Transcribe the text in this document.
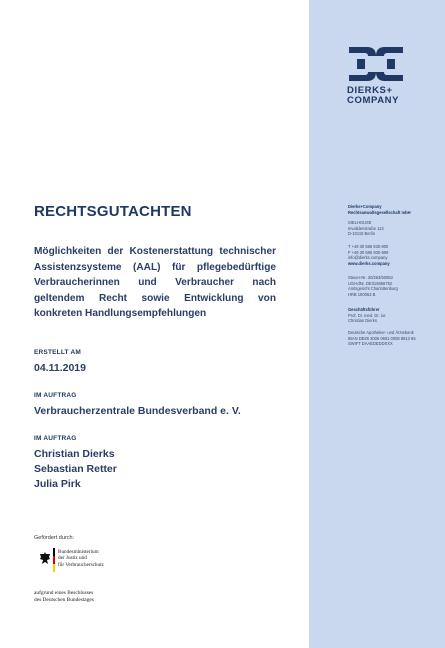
DIERKS+
COMPANY
Dierks+Company
Rechtsanwaltsgesellschaft mbH
SIELHOUSE
Invalidenstraße 113
D-10115 Berlin
T +49 30 586 930-800
F +49 30 586 930-899
info@dierks.company
www.dierks.company
Steuer-Nr. 30/263/50053
USt-IdNr. DE315866752
Amtsgericht Charlottenburg
HRB 190063 B
Geschäftsführer
Prof. Dr. med. Dr. iur.
Christian Dierks
Deutsche Apotheker- und Ärztebank
IBAN DE29 3006 0601 0008 8813 65
SWIFT DAAEDEDDXXX
RECHTSGUTACHTEN
Möglichkeiten der Kostenerstattung technischer Assistenzsysteme (AAL) für pflegebedürftige Verbraucherinnen und Verbraucher nach geltendem Recht sowie Entwicklung von konkreten Handlungsempfehlungen
ERSTELLT AM
04.11.2019
IM AUFTRAG
Verbraucherzentrale Bundesverband e. V.
IM AUFTRAG
Christian Dierks
Sebastian Retter
Julia Pirk
Gefördert durch:
Bundesministerium
der Justiz und
für Verbraucherschutz
aufgrund eines Beschlusses
des Deutschen Bundestages
